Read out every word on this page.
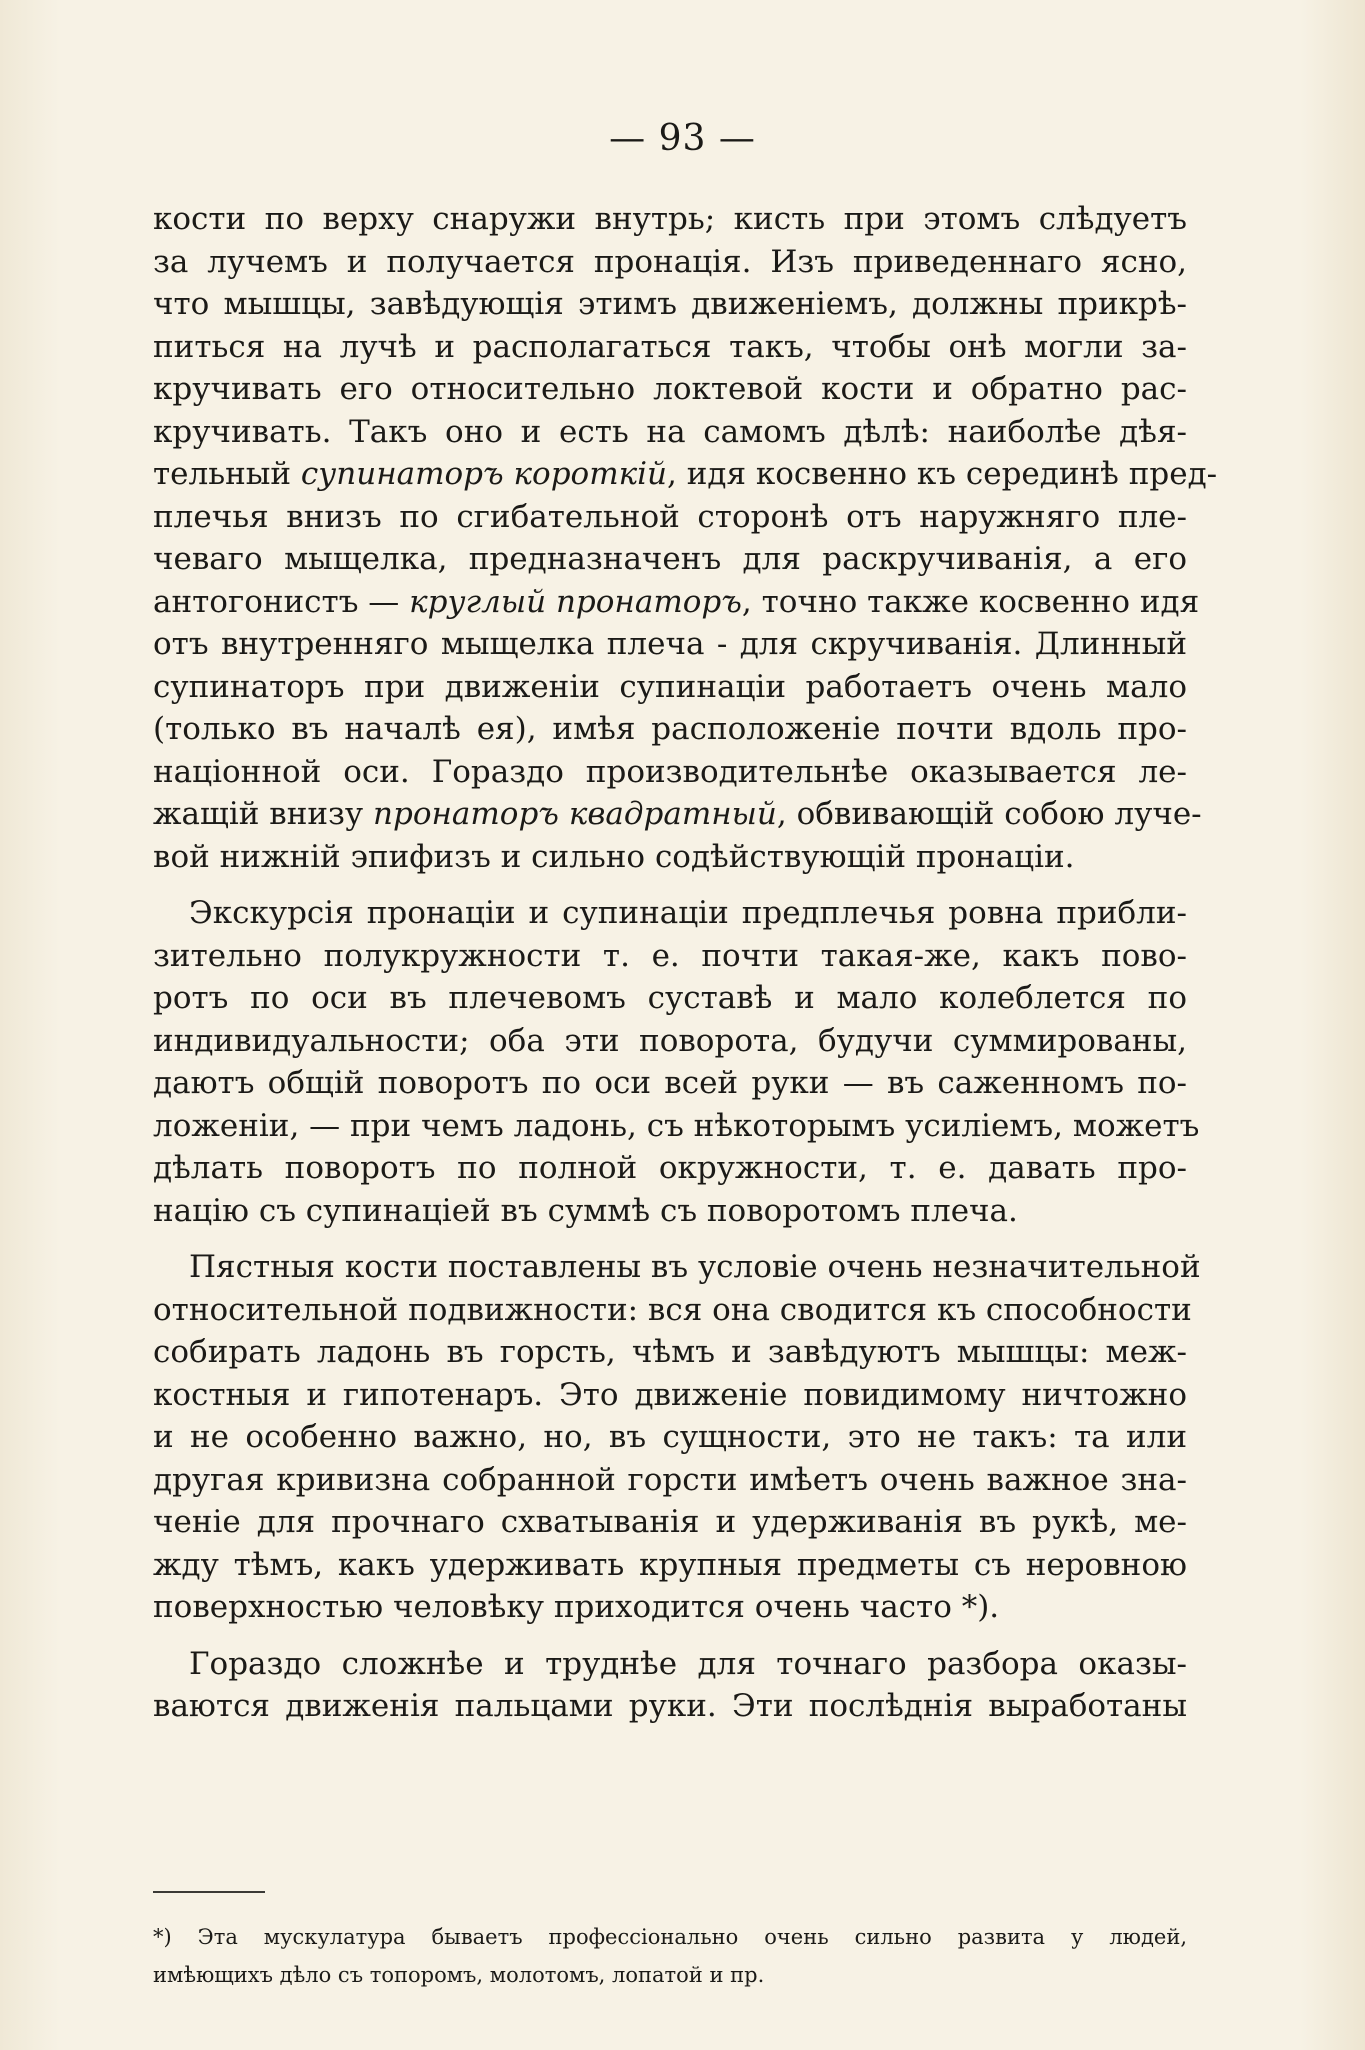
— 93 —
кости по верху снаружи внутрь; кисть при этомъ слѣдуетъ
за лучемъ и получается пронація. Изъ приведеннаго ясно,
что мышцы, завѣдующія этимъ движеніемъ, должны прикрѣ-
питься на лучѣ и располагаться такъ, чтобы онѣ могли за-
кручивать его относительно локтевой кости и обратно рас-
кручивать. Такъ оно и есть на самомъ дѣлѣ: наиболѣе дѣя-
тельный супинаторъ короткій, идя косвенно къ серединѣ пред-
плечья внизъ по сгибательной сторонѣ отъ наружняго пле-
чеваго мыщелка, предназначенъ для раскручиванія, а его
антогонистъ — круглый пронаторъ, точно также косвенно идя
отъ внутренняго мыщелка плеча - для скручиванія. Длинный
супинаторъ при движеніи супинаціи работаетъ очень мало
(только въ началѣ ея), имѣя расположеніе почти вдоль про-
націонной оси. Гораздо производительнѣе оказывается ле-
жащій внизу пронаторъ квадратный, обвивающій собою луче-
вой нижній эпифизъ и сильно содѣйствующій пронаціи.
Экскурсія пронаціи и супинаціи предплечья ровна прибли-
зительно полукружности т. е. почти такая-же, какъ пово-
ротъ по оси въ плечевомъ суставѣ и мало колеблется по
индивидуальности; оба эти поворота, будучи суммированы,
даютъ общій поворотъ по оси всей руки — въ саженномъ по-
ложеніи, — при чемъ ладонь, съ нѣкоторымъ усиліемъ, можетъ
дѣлать поворотъ по полной окружности, т. е. давать про-
націю съ супинаціей въ суммѣ съ поворотомъ плеча.
Пястныя кости поставлены въ условіе очень незначительной
относительной подвижности: вся она сводится къ способности
собирать ладонь въ горсть, чѣмъ и завѣдуютъ мышцы: меж-
костныя и гипотенаръ. Это движеніе повидимому ничтожно
и не особенно важно, но, въ сущности, это не такъ: та или
другая кривизна собранной горсти имѣетъ очень важное зна-
ченіе для прочнаго схватыванія и удерживанія въ рукѣ, ме-
жду тѣмъ, какъ удерживать крупныя предметы съ неровною
поверхностью человѣку приходится очень часто *).
Гораздо сложнѣе и труднѣе для точнаго разбора оказы-
ваются движенія пальцами руки. Эти послѣднія выработаны
*) Эта мускулатура бываетъ профессіонально очень сильно развита у людей,
имѣющихъ дѣло съ топоромъ, молотомъ, лопатой и пр.
